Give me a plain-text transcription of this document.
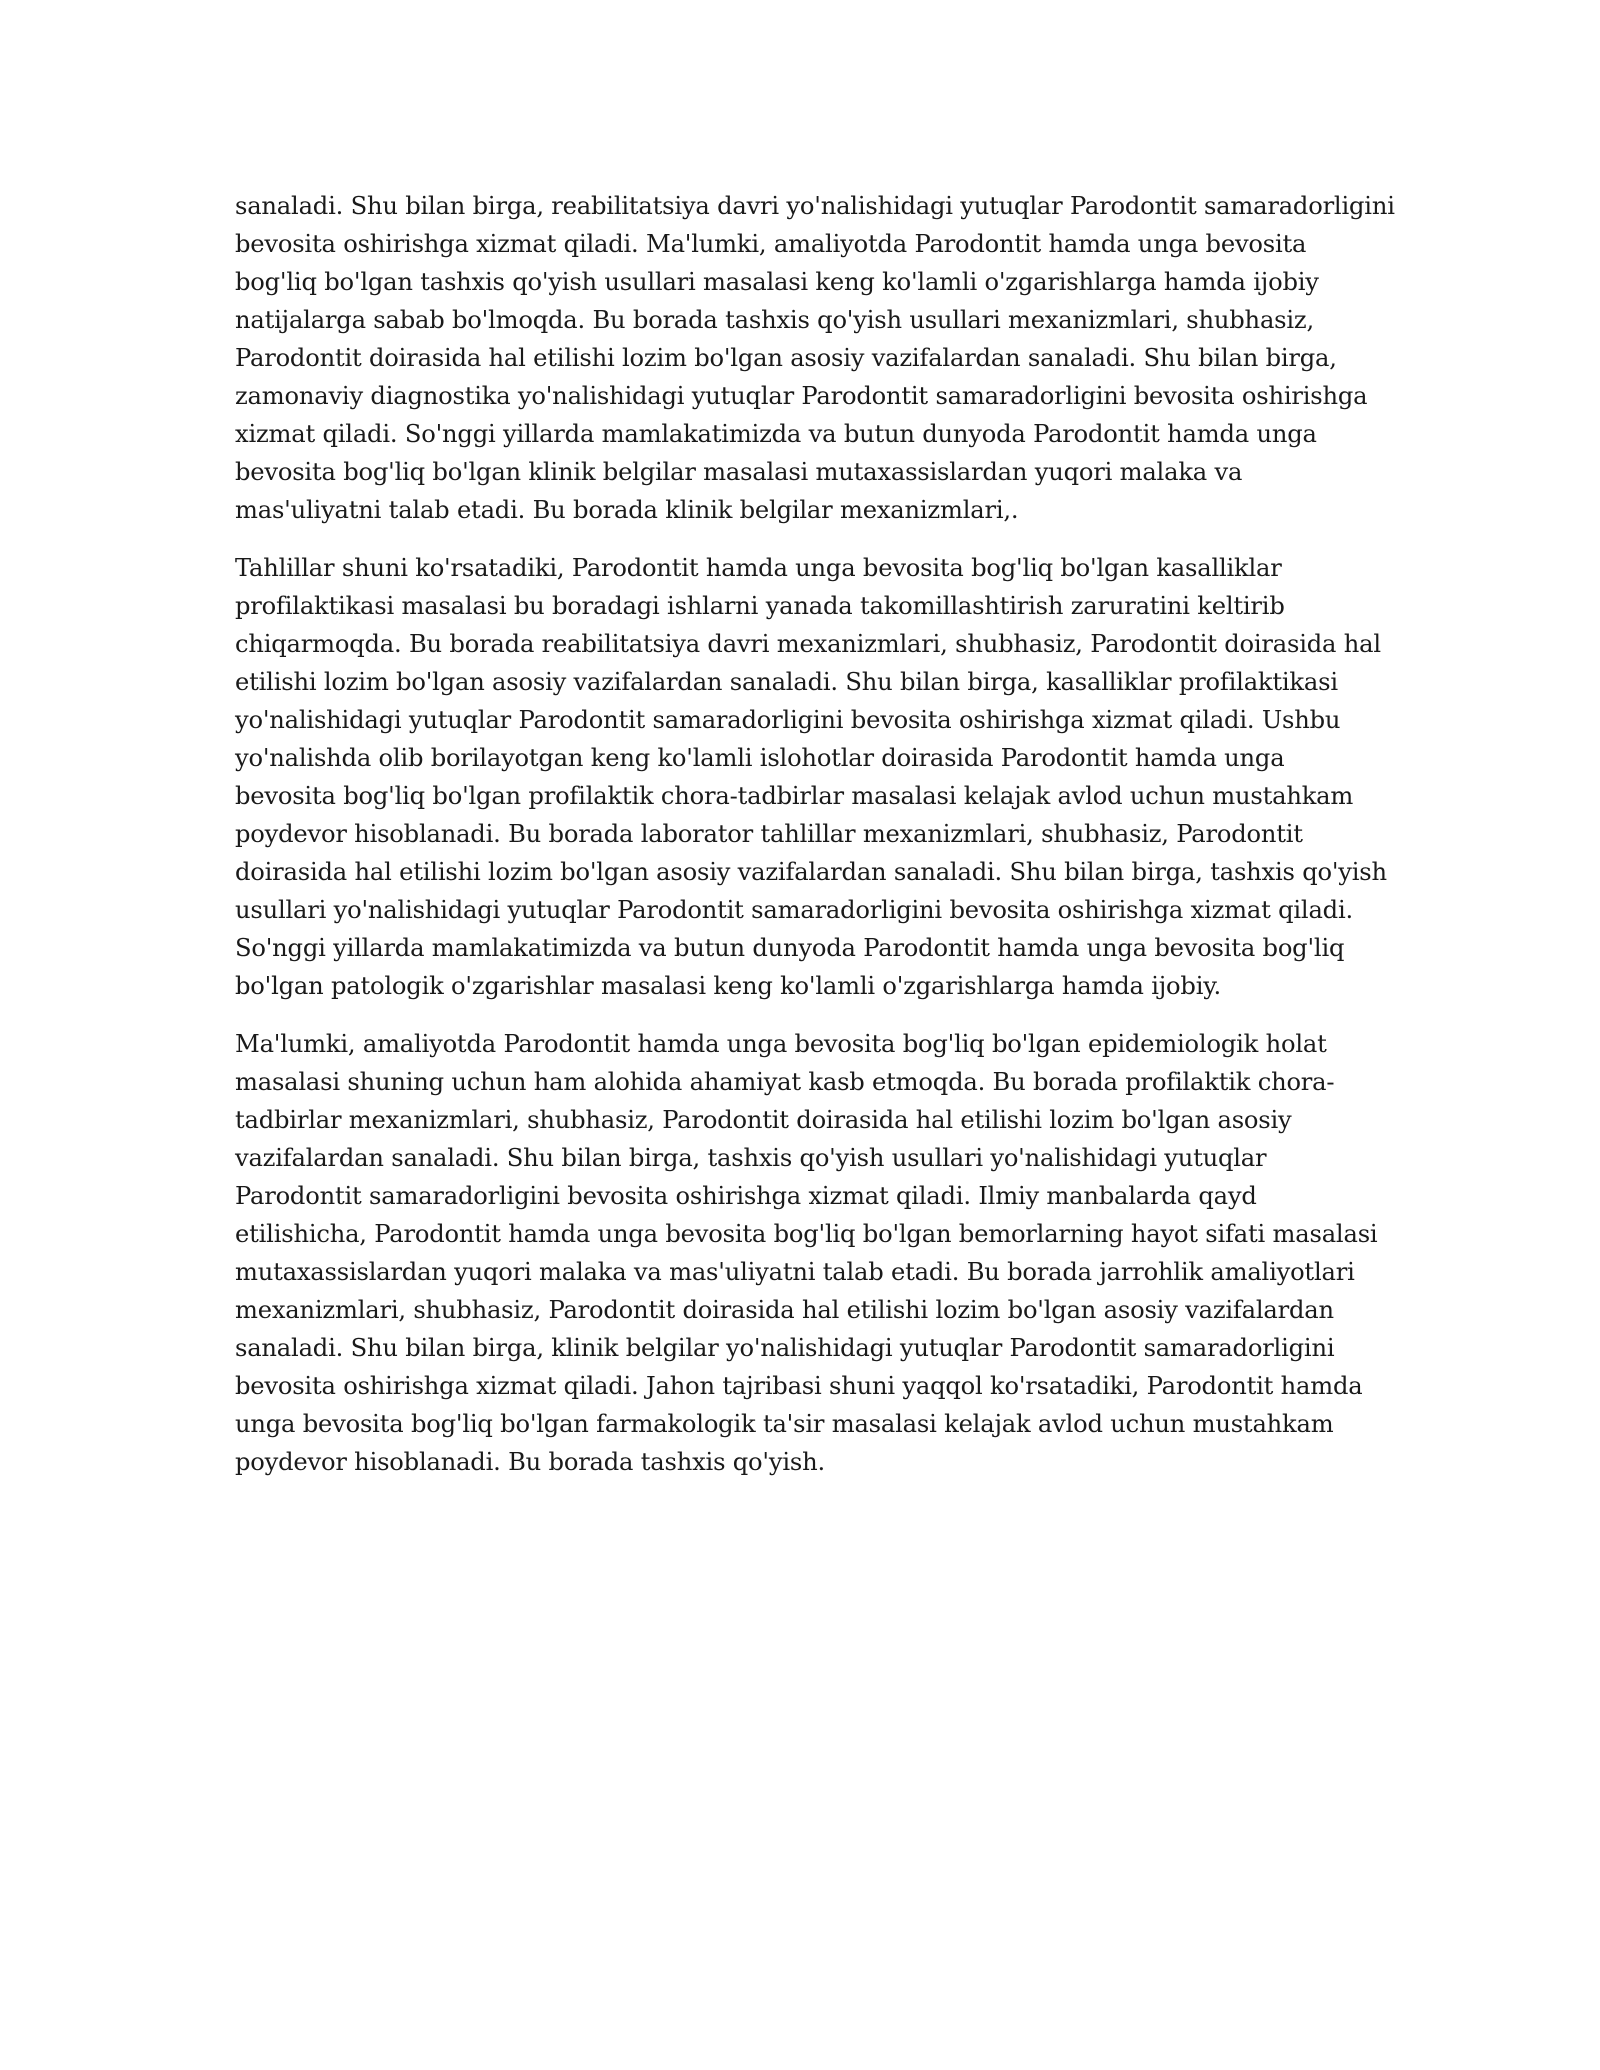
sanaladi. Shu bilan birga, reabilitatsiya davri yo'nalishidagi yutuqlar Parodontit samaradorligini
bevosita oshirishga xizmat qiladi. Ma'lumki, amaliyotda Parodontit hamda unga bevosita
bog'liq bo'lgan tashxis qo'yish usullari masalasi keng ko'lamli o'zgarishlarga hamda ijobiy
natijalarga sabab bo'lmoqda. Bu borada tashxis qo'yish usullari mexanizmlari, shubhasiz,
Parodontit doirasida hal etilishi lozim bo'lgan asosiy vazifalardan sanaladi. Shu bilan birga,
zamonaviy diagnostika yo'nalishidagi yutuqlar Parodontit samaradorligini bevosita oshirishga
xizmat qiladi. So'nggi yillarda mamlakatimizda va butun dunyoda Parodontit hamda unga
bevosita bog'liq bo'lgan klinik belgilar masalasi mutaxassislardan yuqori malaka va
mas'uliyatni talab etadi. Bu borada klinik belgilar mexanizmlari,.

Tahlillar shuni ko'rsatadiki, Parodontit hamda unga bevosita bog'liq bo'lgan kasalliklar
profilaktikasi masalasi bu boradagi ishlarni yanada takomillashtirish zaruratini keltirib
chiqarmoqda. Bu borada reabilitatsiya davri mexanizmlari, shubhasiz, Parodontit doirasida hal
etilishi lozim bo'lgan asosiy vazifalardan sanaladi. Shu bilan birga, kasalliklar profilaktikasi
yo'nalishidagi yutuqlar Parodontit samaradorligini bevosita oshirishga xizmat qiladi. Ushbu
yo'nalishda olib borilayotgan keng ko'lamli islohotlar doirasida Parodontit hamda unga
bevosita bog'liq bo'lgan profilaktik chora-tadbirlar masalasi kelajak avlod uchun mustahkam
poydevor hisoblanadi. Bu borada laborator tahlillar mexanizmlari, shubhasiz, Parodontit
doirasida hal etilishi lozim bo'lgan asosiy vazifalardan sanaladi. Shu bilan birga, tashxis qo'yish
usullari yo'nalishidagi yutuqlar Parodontit samaradorligini bevosita oshirishga xizmat qiladi.
So'nggi yillarda mamlakatimizda va butun dunyoda Parodontit hamda unga bevosita bog'liq
bo'lgan patologik o'zgarishlar masalasi keng ko'lamli o'zgarishlarga hamda ijobiy.

Ma'lumki, amaliyotda Parodontit hamda unga bevosita bog'liq bo'lgan epidemiologik holat
masalasi shuning uchun ham alohida ahamiyat kasb etmoqda. Bu borada profilaktik chora-
tadbirlar mexanizmlari, shubhasiz, Parodontit doirasida hal etilishi lozim bo'lgan asosiy
vazifalardan sanaladi. Shu bilan birga, tashxis qo'yish usullari yo'nalishidagi yutuqlar
Parodontit samaradorligini bevosita oshirishga xizmat qiladi. Ilmiy manbalarda qayd
etilishicha, Parodontit hamda unga bevosita bog'liq bo'lgan bemorlarning hayot sifati masalasi
mutaxassislardan yuqori malaka va mas'uliyatni talab etadi. Bu borada jarrohlik amaliyotlari
mexanizmlari, shubhasiz, Parodontit doirasida hal etilishi lozim bo'lgan asosiy vazifalardan
sanaladi. Shu bilan birga, klinik belgilar yo'nalishidagi yutuqlar Parodontit samaradorligini
bevosita oshirishga xizmat qiladi. Jahon tajribasi shuni yaqqol ko'rsatadiki, Parodontit hamda
unga bevosita bog'liq bo'lgan farmakologik ta'sir masalasi kelajak avlod uchun mustahkam
poydevor hisoblanadi. Bu borada tashxis qo'yish.
